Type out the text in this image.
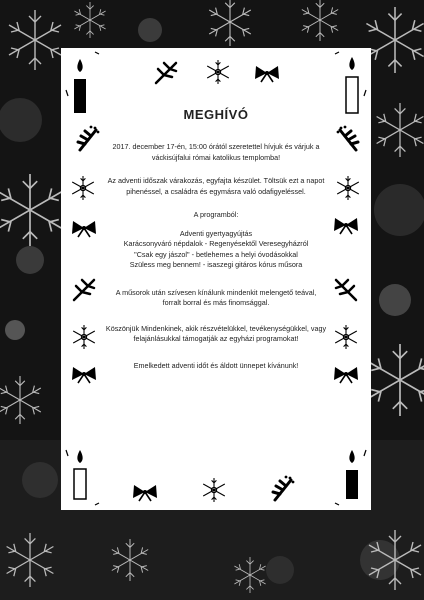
MEGHÍVÓ

2017. december 17-én, 15:00 órától szeretettel hívjuk és várjuk a

váckisújfalui római katolikus templomba!

Az adventi időszak várakozás, egyfajta készület. Töltsük ezt a napot

pihenéssel, a családra és egymásra való odafigyeléssel.

A programból:

Adventi gyertyagyújtás

Karácsonyváró népdalok - Regenyésektől Veresegyházról

"Csak egy jászol" - betlehemes a helyi óvodásokkal

Szüless meg bennem! - isaszegi gitáros kórus műsora

A műsorok után szívesen kínálunk mindenkit melengető teával,

forralt borral és más finomsággal.

Köszönjük Mindenkinek, akik részvételükkel, tevékenységükkel, vagy

felajánlásukkal támogatják az egyházi programokat!

Emelkedett adventi időt és áldott ünnepet kívánunk!
